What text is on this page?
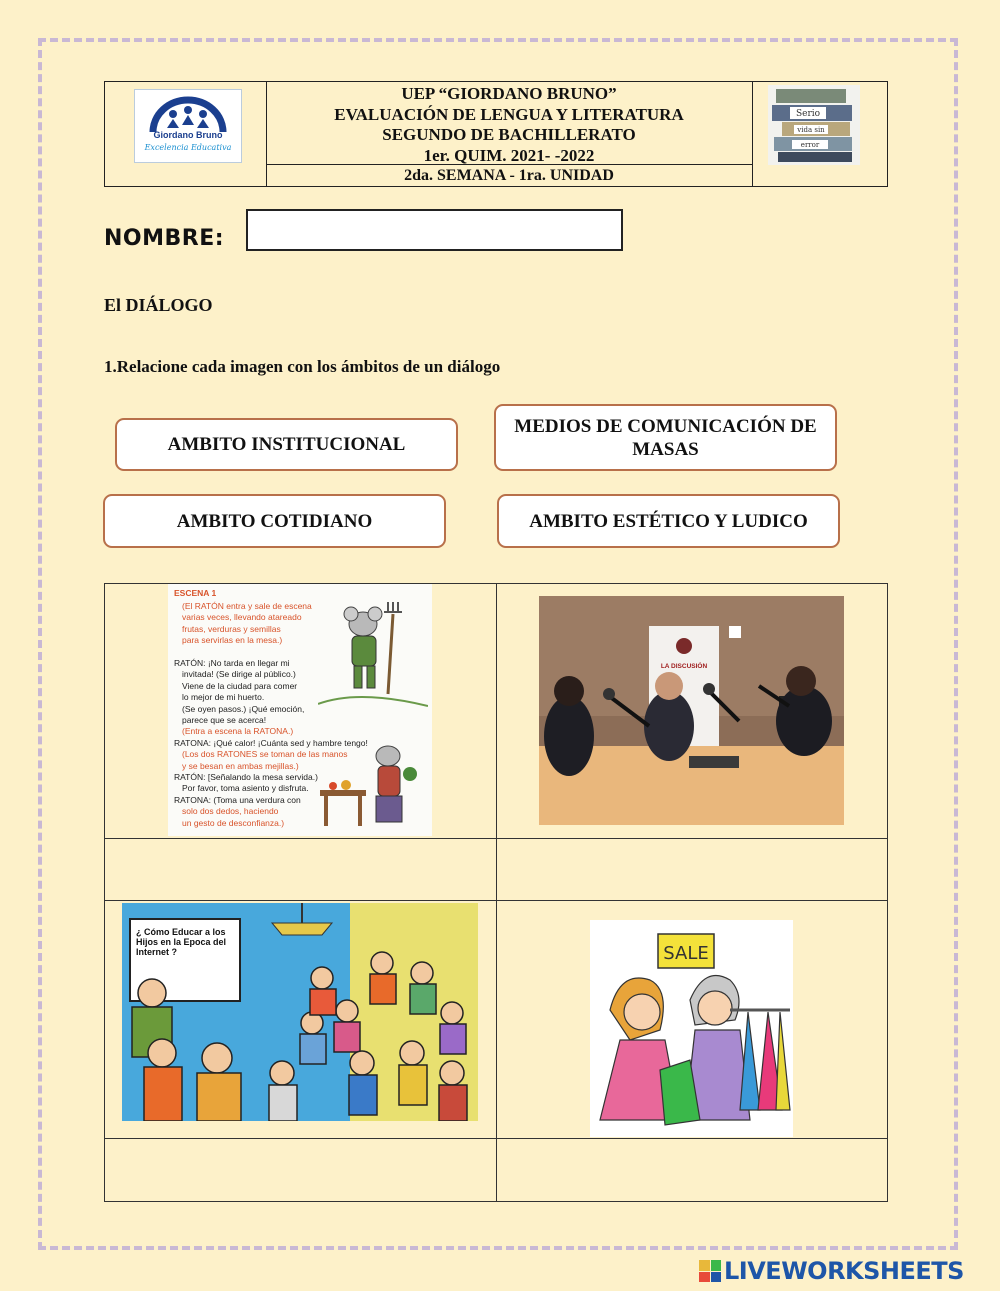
Giordano Bruno
Excelencia Educativa
UEP “GIORDANO BRUNO”
EVALUACIÓN DE LENGUA Y LITERATURA
SEGUNDO DE BACHILLERATO
1er. QUIM. 2021- -2022
2da. SEMANA - 1ra. UNIDAD
Serio
vida sin
error
NOMBRE:
El DIÁLOGO
1.Relacione cada imagen con los ámbitos de un diálogo
AMBITO INSTITUCIONAL
MEDIOS DE COMUNICACIÓN DE MASAS
AMBITO COTIDIANO	AMBITO ESTÉTICO Y LUDICO
ESCENA 1
(El RATÓN entra y sale de escena
varias veces, llevando atareado
frutas, verduras y semillas
para servirlas en la mesa.)
RATÓN: ¡No tarda en llegar mi
invitada! (Se dirige al público.)
Viene de la ciudad para comer
lo mejor de mi huerto.
(Se oyen pasos.) ¡Qué emoción,
parece que se acerca!
(Entra a escena la RATONA.)
RATONA: ¡Qué calor! ¡Cuánta sed y hambre tengo!
(Los dos RATONES se toman de las manos
y se besan en ambas mejillas.)
RATÓN: [Señalando la mesa servida.)
Por favor, toma asiento y disfruta.
RATONA: (Toma una verdura con
solo dos dedos, haciendo
un gesto de desconfianza.)
LA DISCUSIÓN
¿ Cómo Educar a los Hijos en la Epoca del Internet ?	SALE
LIVEWORKSHEETS
